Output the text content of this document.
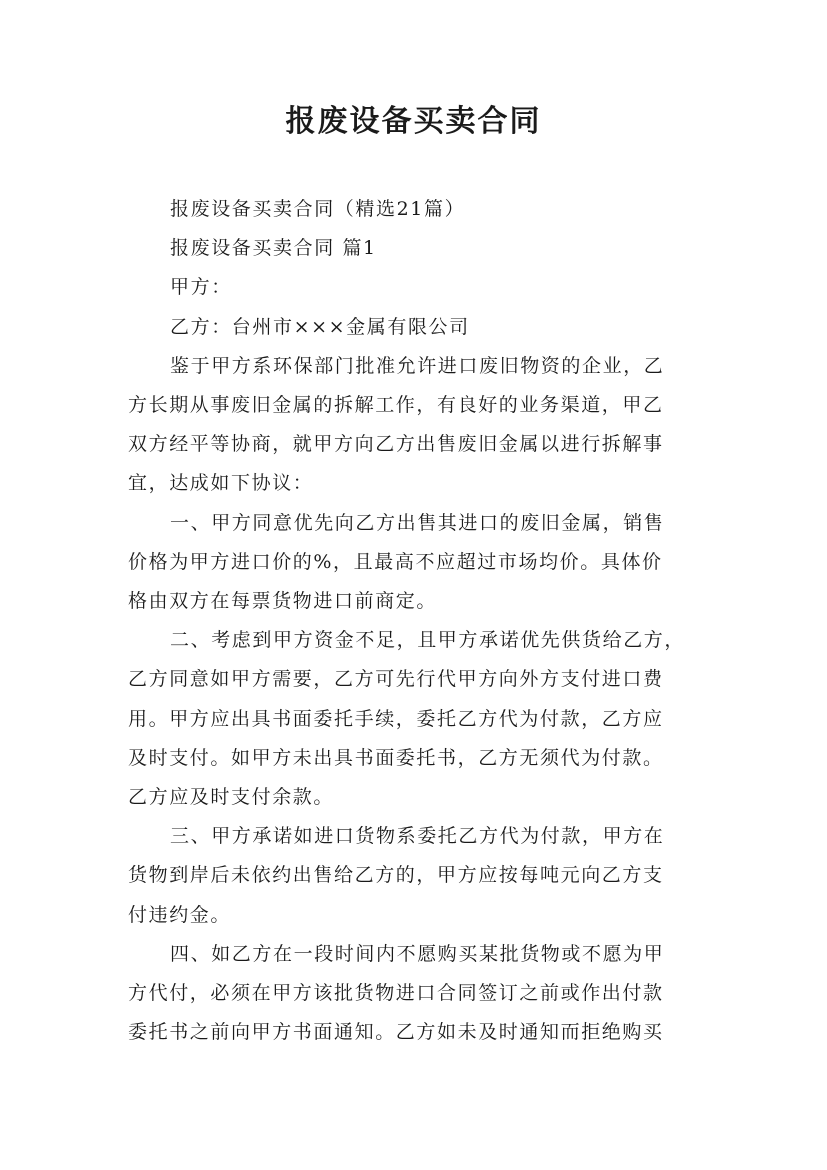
报废设备买卖合同
报废设备买卖合同（精选21篇）
报废设备买卖合同 篇1
甲方：
乙方：台州市×××金属有限公司
鉴于甲方系环保部门批准允许进口废旧物资的企业，乙
方长期从事废旧金属的拆解工作，有良好的业务渠道，甲乙
双方经平等协商，就甲方向乙方出售废旧金属以进行拆解事
宜，达成如下协议：
一、甲方同意优先向乙方出售其进口的废旧金属，销售
价格为甲方进口价的%，且最高不应超过市场均价。具体价
格由双方在每票货物进口前商定。
二、考虑到甲方资金不足，且甲方承诺优先供货给乙方，
乙方同意如甲方需要，乙方可先行代甲方向外方支付进口费
用。甲方应出具书面委托手续，委托乙方代为付款，乙方应
及时支付。如甲方未出具书面委托书，乙方无须代为付款。
乙方应及时支付余款。
三、甲方承诺如进口货物系委托乙方代为付款，甲方在
货物到岸后未依约出售给乙方的，甲方应按每吨元向乙方支
付违约金。
四、如乙方在一段时间内不愿购买某批货物或不愿为甲
方代付，必须在甲方该批货物进口合同签订之前或作出付款
委托书之前向甲方书面通知。乙方如未及时通知而拒绝购买
